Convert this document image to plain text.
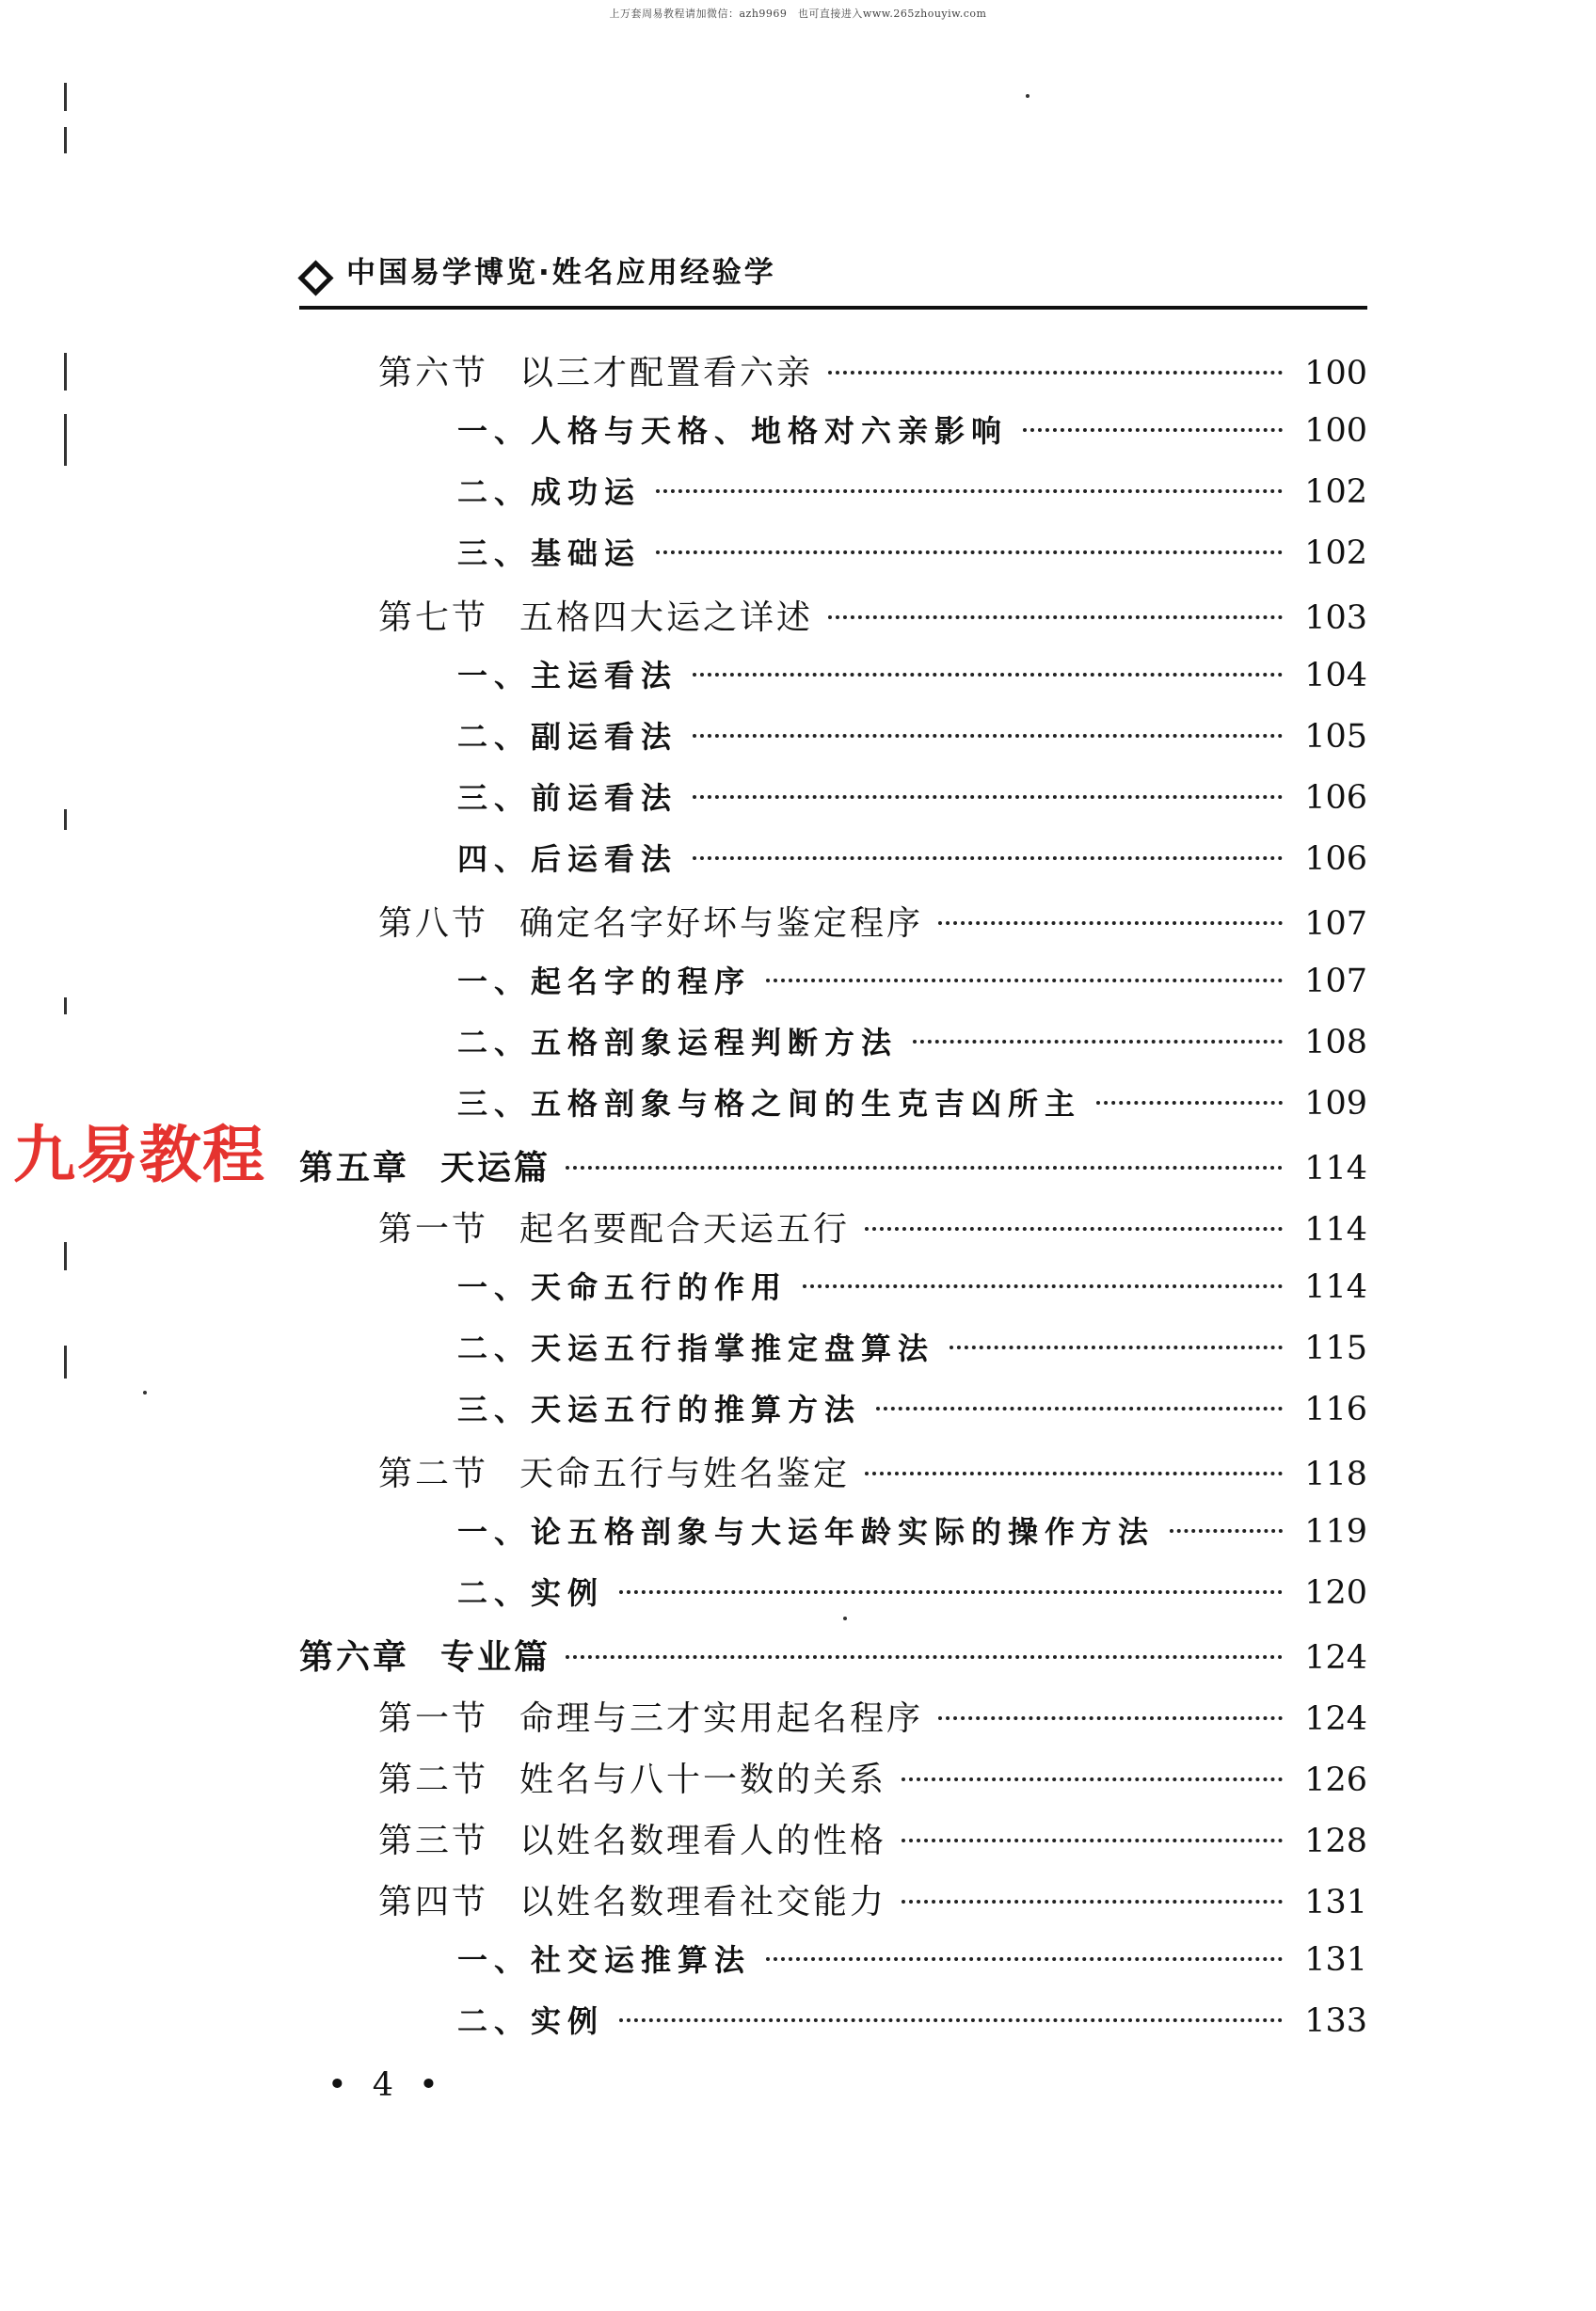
上万套周易教程请加微信：azh9969　也可直接进入www.265zhouyiw.com
中国易学博览·姓名应用经验学
第六节 以三才配置看六亲	100
一、人格与天格、地格对六亲影响	100
二、成功运	102
三、基础运	102
第七节 五格四大运之详述	103
一、主运看法	104
二、副运看法	105
三、前运看法	106
四、后运看法	106
第八节 确定名字好坏与鉴定程序	107
一、起名字的程序	107
二、五格剖象运程判断方法	108
三、五格剖象与格之间的生克吉凶所主	109
第五章 天运篇	114
第一节 起名要配合天运五行	114
一、天命五行的作用	114
二、天运五行指掌推定盘算法	115
三、天运五行的推算方法	116
第二节 天命五行与姓名鉴定	118
一、论五格剖象与大运年龄实际的操作方法	119
二、实例	120
第六章 专业篇	124
第一节 命理与三才实用起名程序	124
第二节 姓名与八十一数的关系	126
第三节 以姓名数理看人的性格	128
第四节 以姓名数理看社交能力	131
一、社交运推算法	131
二、实例	133
九易教程
• 4 •
